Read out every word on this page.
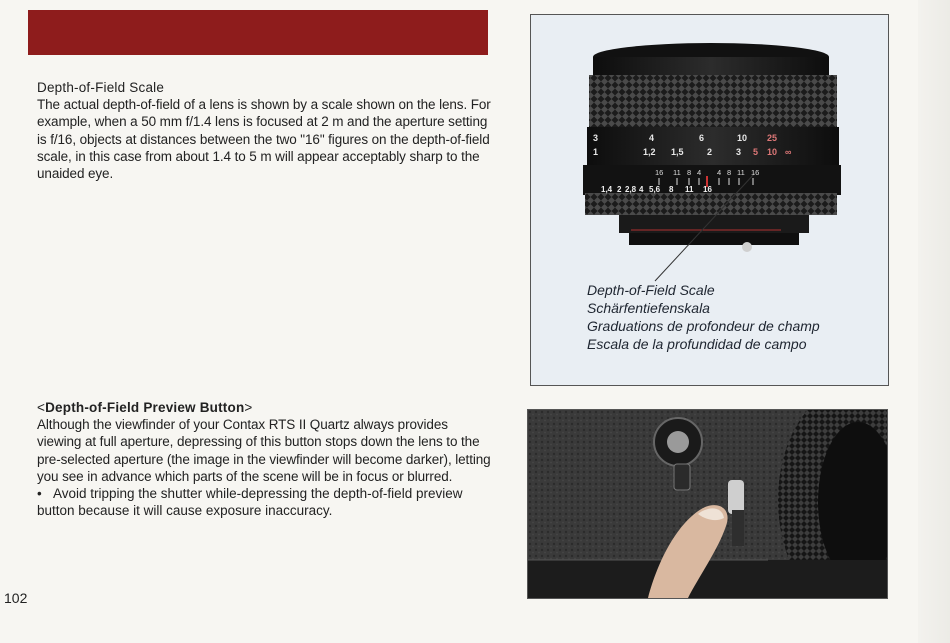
Depth-of-Field Scale

The actual depth-of-field of a lens is shown by a scale shown on the lens. For example, when a 50 mm f/1.4 lens is focused at 2 m and the aperture setting is f/16, objects at distances between the two "16" figures on the depth-of-field scale, in this case from about 1.4 to 5 m will appear acceptably sharp to the unaided eye.

<Depth-of-Field Preview Button>

Although the viewfinder of your Contax RTS II Quartz always provides viewing at full aperture, depressing of this button stops down the lens to the pre-selected aperture (the image in the viewfinder will become darker), letting you see in advance which parts of the scene will be in focus or blurred.

•   Avoid tripping the shutter while-depressing the depth-of-field preview button because it will cause exposure inaccuracy.

102
3	4	6	10 25
1	1,2 1,5	2	3 5 10 ∞
16 11 8 4 4 8 11 16
1,4 2 2,8 4 5,6 8 11 16
Depth-of-Field Scale
Schärfentiefenskala
Graduations de profondeur de champ
Escala de la profundidad de campo
